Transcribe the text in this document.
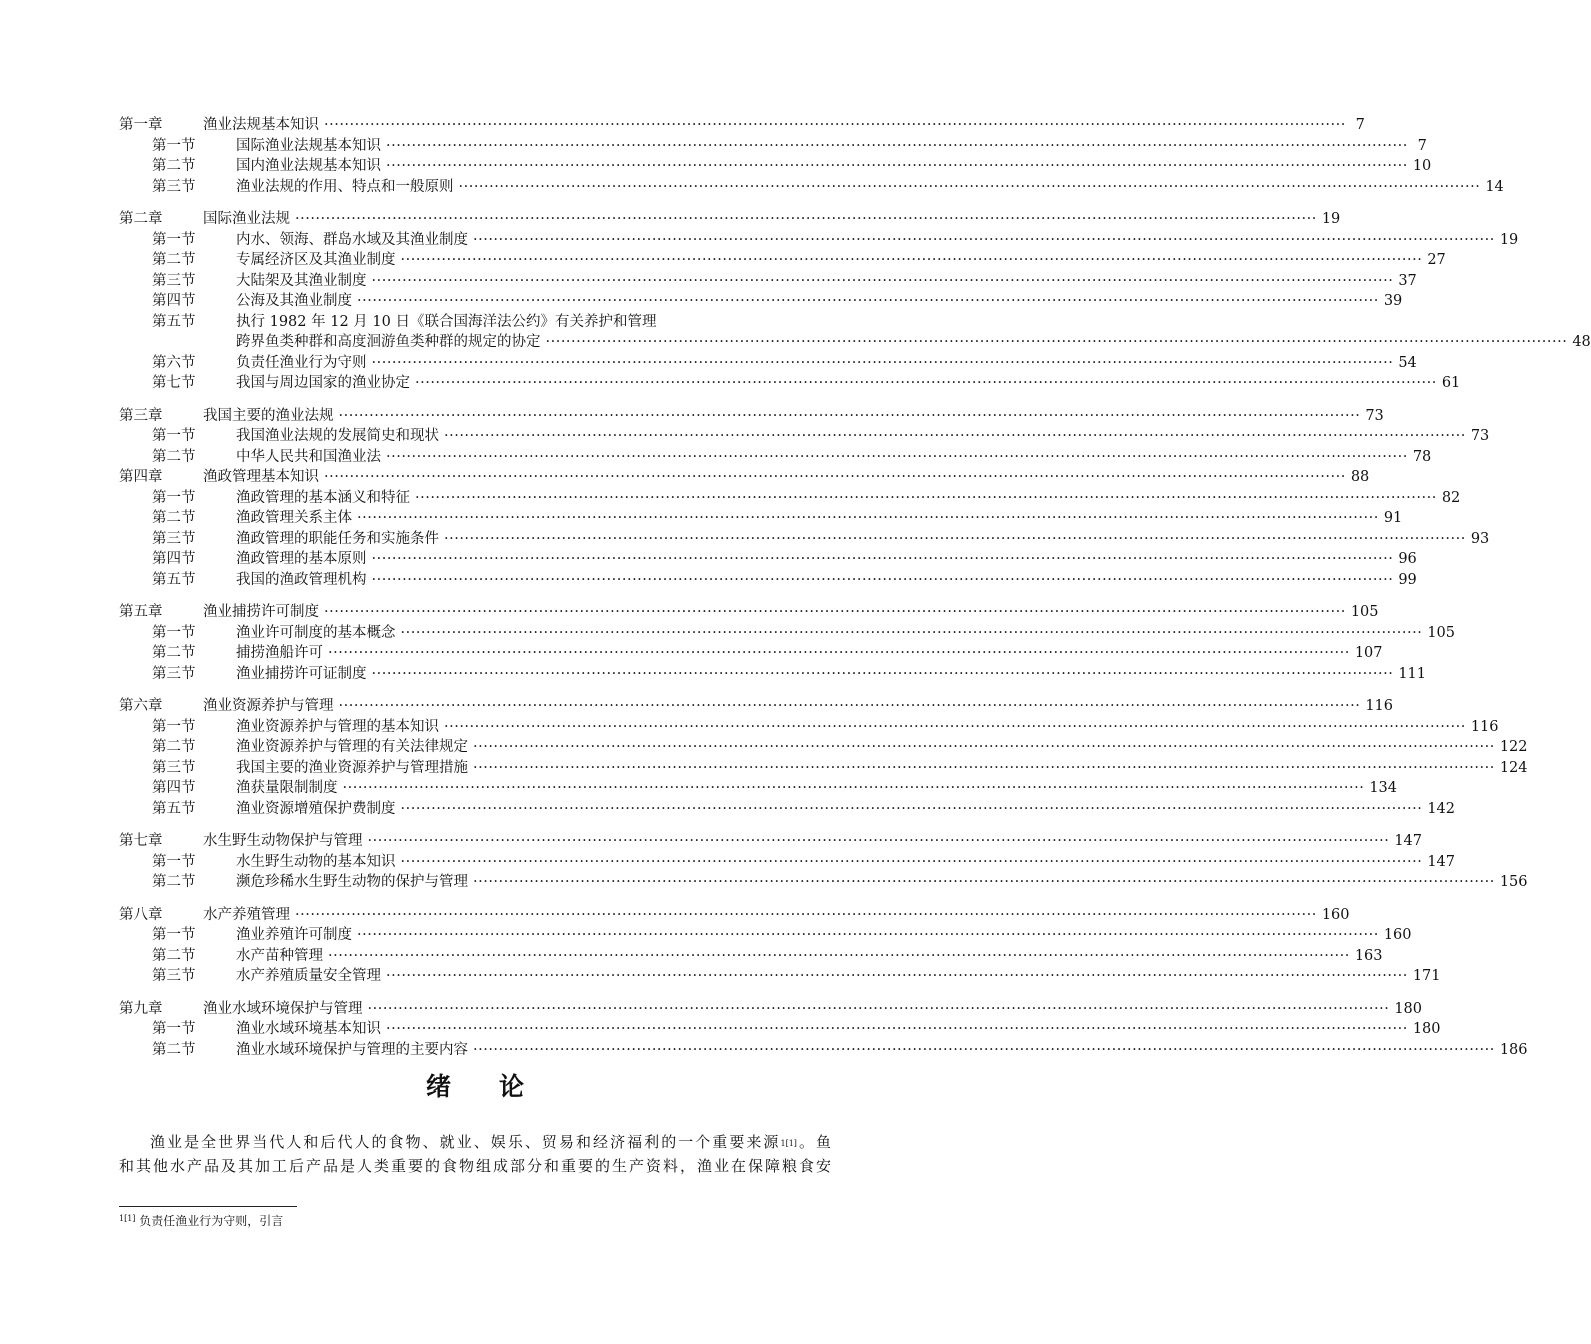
第一章	渔业法规基本知识 ········································································································································································································ 7
第一节	国际渔业法规基本知识 ········································································································································································································ 7
第二节	国内渔业法规基本知识 ········································································································································································································ 10
第三节	渔业法规的作用、特点和一般原则 ········································································································································································································ 14
第二章	国际渔业法规 ········································································································································································································ 19
第一节	内水、领海、群岛水域及其渔业制度 ········································································································································································································ 19
第二节	专属经济区及其渔业制度 ········································································································································································································ 27
第三节	大陆架及其渔业制度 ········································································································································································································ 37
第四节	公海及其渔业制度 ········································································································································································································ 39
第五节	执行 1982 年 12 月 10 日《联合国海洋法公约》有关养护和管理
跨界鱼类种群和高度洄游鱼类种群的规定的协定 ········································································································································································································ 48
第六节	负责任渔业行为守则 ········································································································································································································ 54
第七节	我国与周边国家的渔业协定 ········································································································································································································ 61
第三章	我国主要的渔业法规 ········································································································································································································ 73
第一节	我国渔业法规的发展简史和现状 ········································································································································································································ 73
第二节	中华人民共和国渔业法 ········································································································································································································ 78
第四章	渔政管理基本知识 ········································································································································································································ 88
第一节	渔政管理的基本涵义和特征 ········································································································································································································ 82
第二节	渔政管理关系主体 ········································································································································································································ 91
第三节	渔政管理的职能任务和实施条件 ········································································································································································································ 93
第四节	渔政管理的基本原则 ········································································································································································································ 96
第五节	我国的渔政管理机构 ········································································································································································································ 99
第五章	渔业捕捞许可制度 ········································································································································································································ 105
第一节	渔业许可制度的基本概念 ········································································································································································································ 105
第二节	捕捞渔船许可 ········································································································································································································ 107
第三节	渔业捕捞许可证制度 ········································································································································································································ 111
第六章	渔业资源养护与管理 ········································································································································································································ 116
第一节	渔业资源养护与管理的基本知识 ········································································································································································································ 116
第二节	渔业资源养护与管理的有关法律规定 ········································································································································································································ 122
第三节	我国主要的渔业资源养护与管理措施 ········································································································································································································ 124
第四节	渔获量限制制度 ········································································································································································································ 134
第五节	渔业资源增殖保护费制度 ········································································································································································································ 142
第七章	水生野生动物保护与管理 ········································································································································································································ 147
第一节	水生野生动物的基本知识 ········································································································································································································ 147
第二节	濒危珍稀水生野生动物的保护与管理 ········································································································································································································ 156
第八章	水产养殖管理 ········································································································································································································ 160
第一节	渔业养殖许可制度 ········································································································································································································ 160
第二节	水产苗种管理 ········································································································································································································ 163
第三节	水产养殖质量安全管理 ········································································································································································································ 171
第九章	渔业水域环境保护与管理 ········································································································································································································ 180
第一节	渔业水域环境基本知识 ········································································································································································································ 180
第二节	渔业水域环境保护与管理的主要内容 ········································································································································································································ 186
绪论

渔业是全世界当代人和后代人的食物、就业、娱乐、贸易和经济福利的一个重要来源$^{1[1]}$。鱼

和其他水产品及其加工后产品是人类重要的食物组成部分和重要的生产资料，渔业在保障粮食安

$^{1[1]}$ 负责任渔业行为守则，引言
